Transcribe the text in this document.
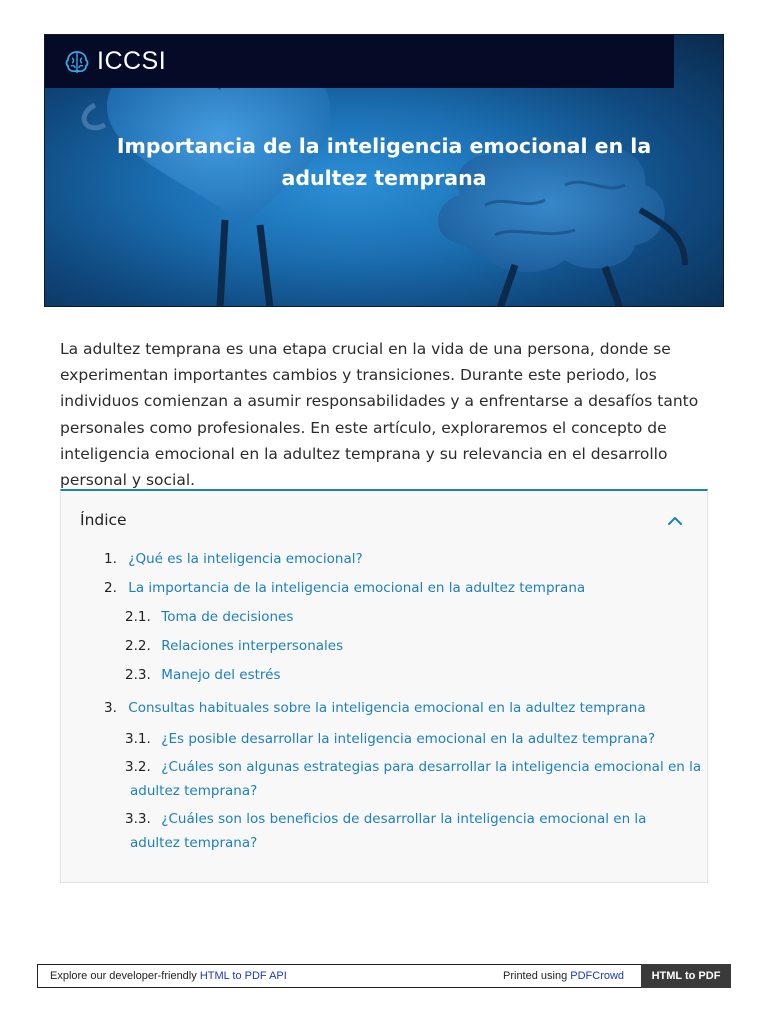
ICCSI
Importancia de la inteligencia emocional en la adultez temprana

La adultez temprana es una etapa crucial en la vida de una persona, donde se experimentan importantes cambios y transiciones. Durante este periodo, los individuos comienzan a asumir responsabilidades y a enfrentarse a desafíos tanto personales como profesionales. En este artículo, exploraremos el concepto de inteligencia emocional en la adultez temprana y su relevancia en el desarrollo personal y social.

Índice
1. ¿Qué es la inteligencia emocional?
2. La importancia de la inteligencia emocional en la adultez temprana
2.1. Toma de decisiones
2.2. Relaciones interpersonales
2.3. Manejo del estrés
3. Consultas habituales sobre la inteligencia emocional en la adultez temprana
3.1. ¿Es posible desarrollar la inteligencia emocional en la adultez temprana?
3.2. ¿Cuáles son algunas estrategias para desarrollar la inteligencia emocional en la
adultez temprana?
3.3. ¿Cuáles son los beneficios de desarrollar la inteligencia emocional en la
adultez temprana?
Explore our developer-friendly HTML to PDF API	Printed using PDFCrowd	HTML to PDF
